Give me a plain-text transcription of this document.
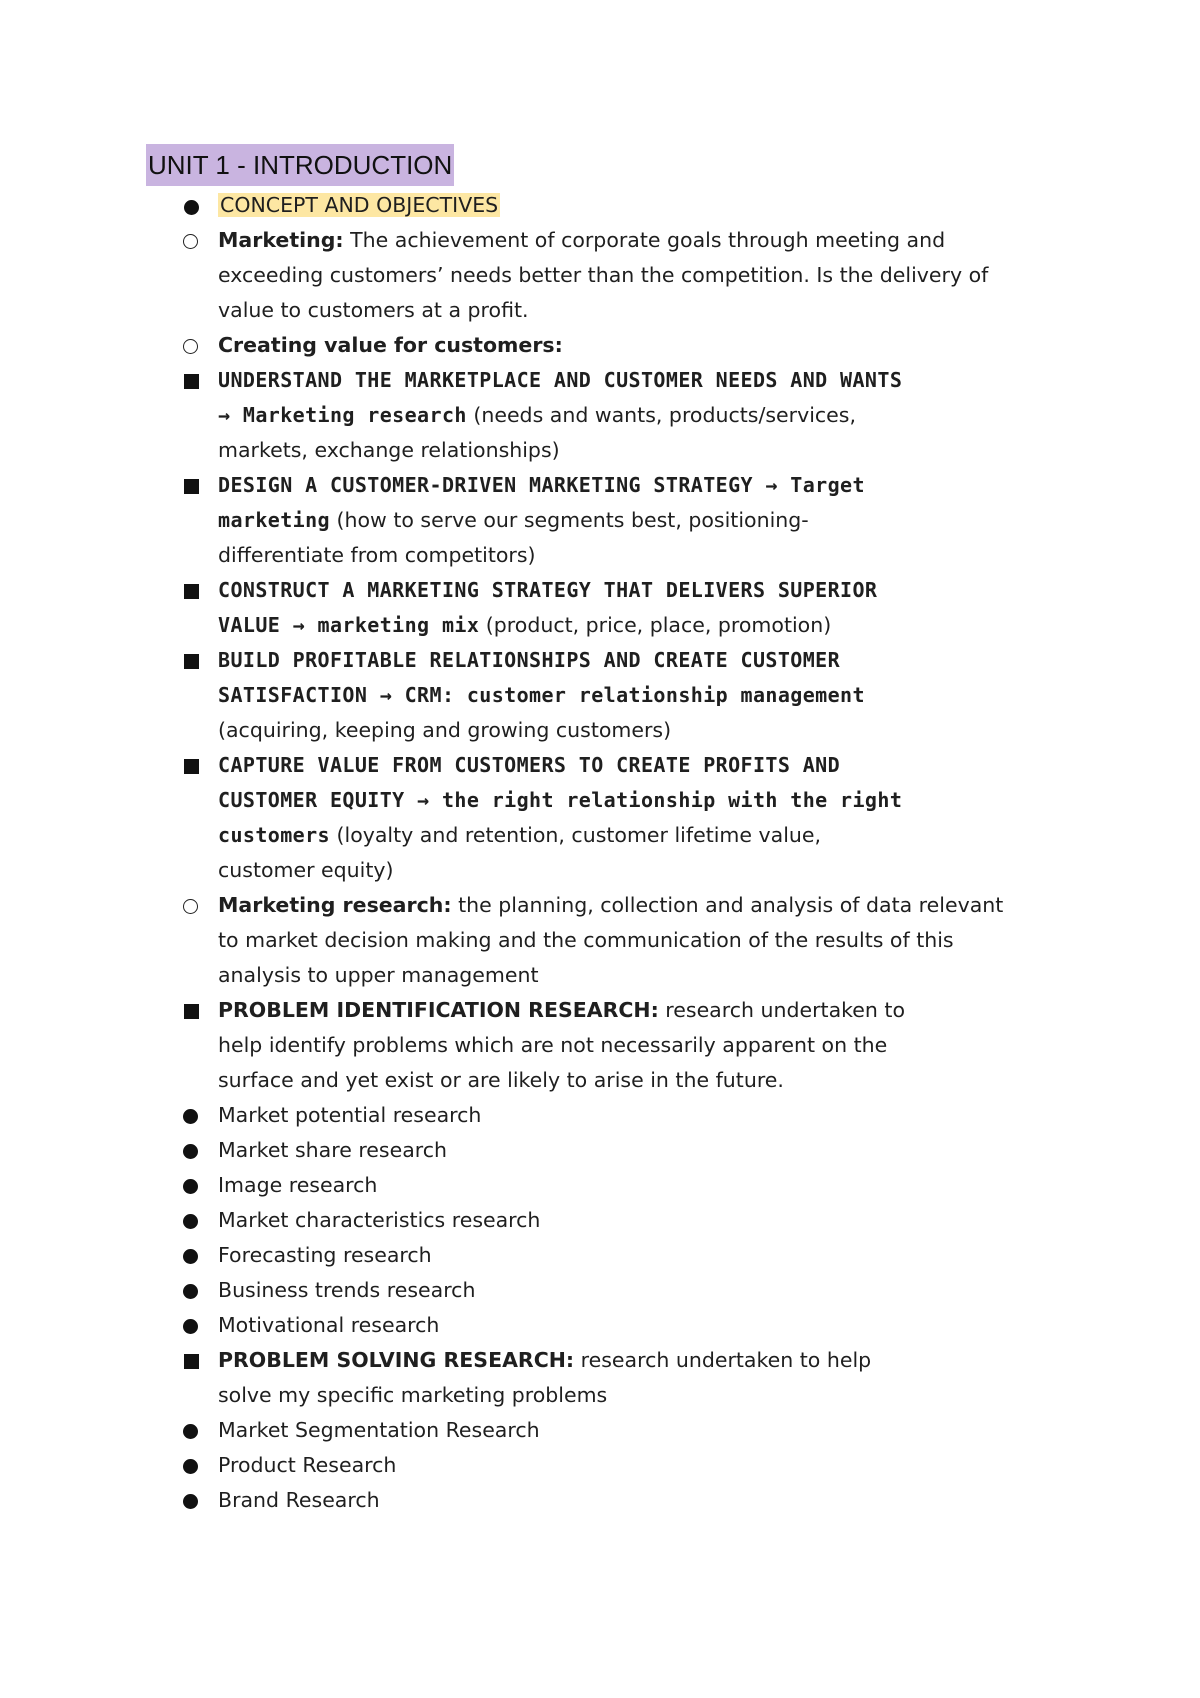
UNIT 1 - INTRODUCTION
CONCEPT AND OBJECTIVES
Marketing: The achievement of corporate goals through meeting and exceeding customers’ needs better than the competition. Is the delivery of value to customers at a profit.
Creating value for customers:
UNDERSTAND THE MARKETPLACE AND CUSTOMER NEEDS AND WANTS → Marketing research (needs and wants, products/services, markets, exchange relationships)
DESIGN A CUSTOMER-DRIVEN MARKETING STRATEGY → Target marketing (how to serve our segments best, positioning- differentiate from competitors)
CONSTRUCT A MARKETING STRATEGY THAT DELIVERS SUPERIOR VALUE → marketing mix (product, price, place, promotion)
BUILD PROFITABLE RELATIONSHIPS AND CREATE CUSTOMER SATISFACTION → CRM: customer relationship management (acquiring, keeping and growing customers)
CAPTURE VALUE FROM CUSTOMERS TO CREATE PROFITS AND CUSTOMER EQUITY → the right relationship with the right customers (loyalty and retention, customer lifetime value, customer equity)
Marketing research: the planning, collection and analysis of data relevant to market decision making and the communication of the results of this analysis to upper management
PROBLEM IDENTIFICATION RESEARCH: research undertaken to help identify problems which are not necessarily apparent on the surface and yet exist or are likely to arise in the future.
Market potential research
Market share research
Image research
Market characteristics research
Forecasting research
Business trends research
Motivational research
PROBLEM SOLVING RESEARCH: research undertaken to help solve my specific marketing problems
Market Segmentation Research
Product Research
Brand Research
